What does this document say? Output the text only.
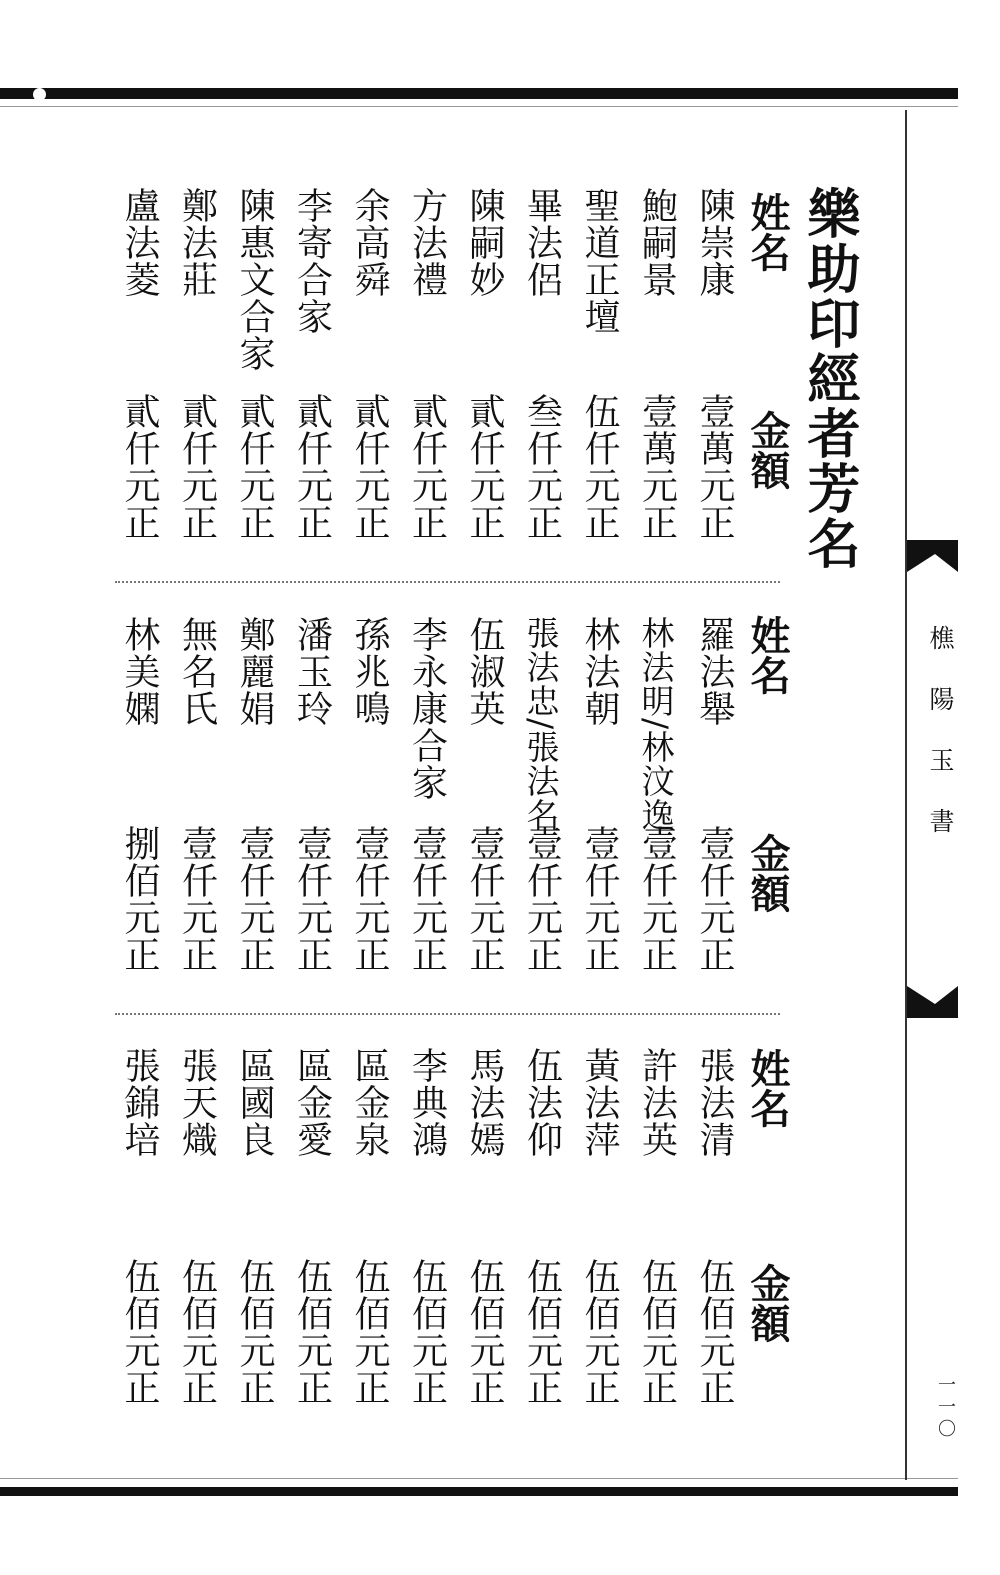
樵陽玉書
一一〇
樂助印經者芳名
姓名
金額
陳崇康
壹萬元正
鮑嗣景
壹萬元正
聖道正壇
伍仟元正
畢法侶
叁仟元正
陳嗣妙
貳仟元正
方法禮
貳仟元正
余高舜
貳仟元正
李寄合家
貳仟元正
陳惠文合家
貳仟元正
鄭法莊
貳仟元正
盧法菱
貳仟元正
姓名
金額
羅法舉
壹仟元正
林法明/林汶逸
壹仟元正
林法朝
壹仟元正
張法忠/張法名
壹仟元正
伍淑英
壹仟元正
李永康合家
壹仟元正
孫兆鳴
壹仟元正
潘玉玲
壹仟元正
鄭麗娟
壹仟元正
無名氏
壹仟元正
林美嫻
捌佰元正
姓名
金額
張法清
伍佰元正
許法英
伍佰元正
黃法萍
伍佰元正
伍法仰
伍佰元正
馬法嫣
伍佰元正
李典鴻
伍佰元正
區金泉
伍佰元正
區金愛
伍佰元正
區國良
伍佰元正
張天熾
伍佰元正
張錦培
伍佰元正
